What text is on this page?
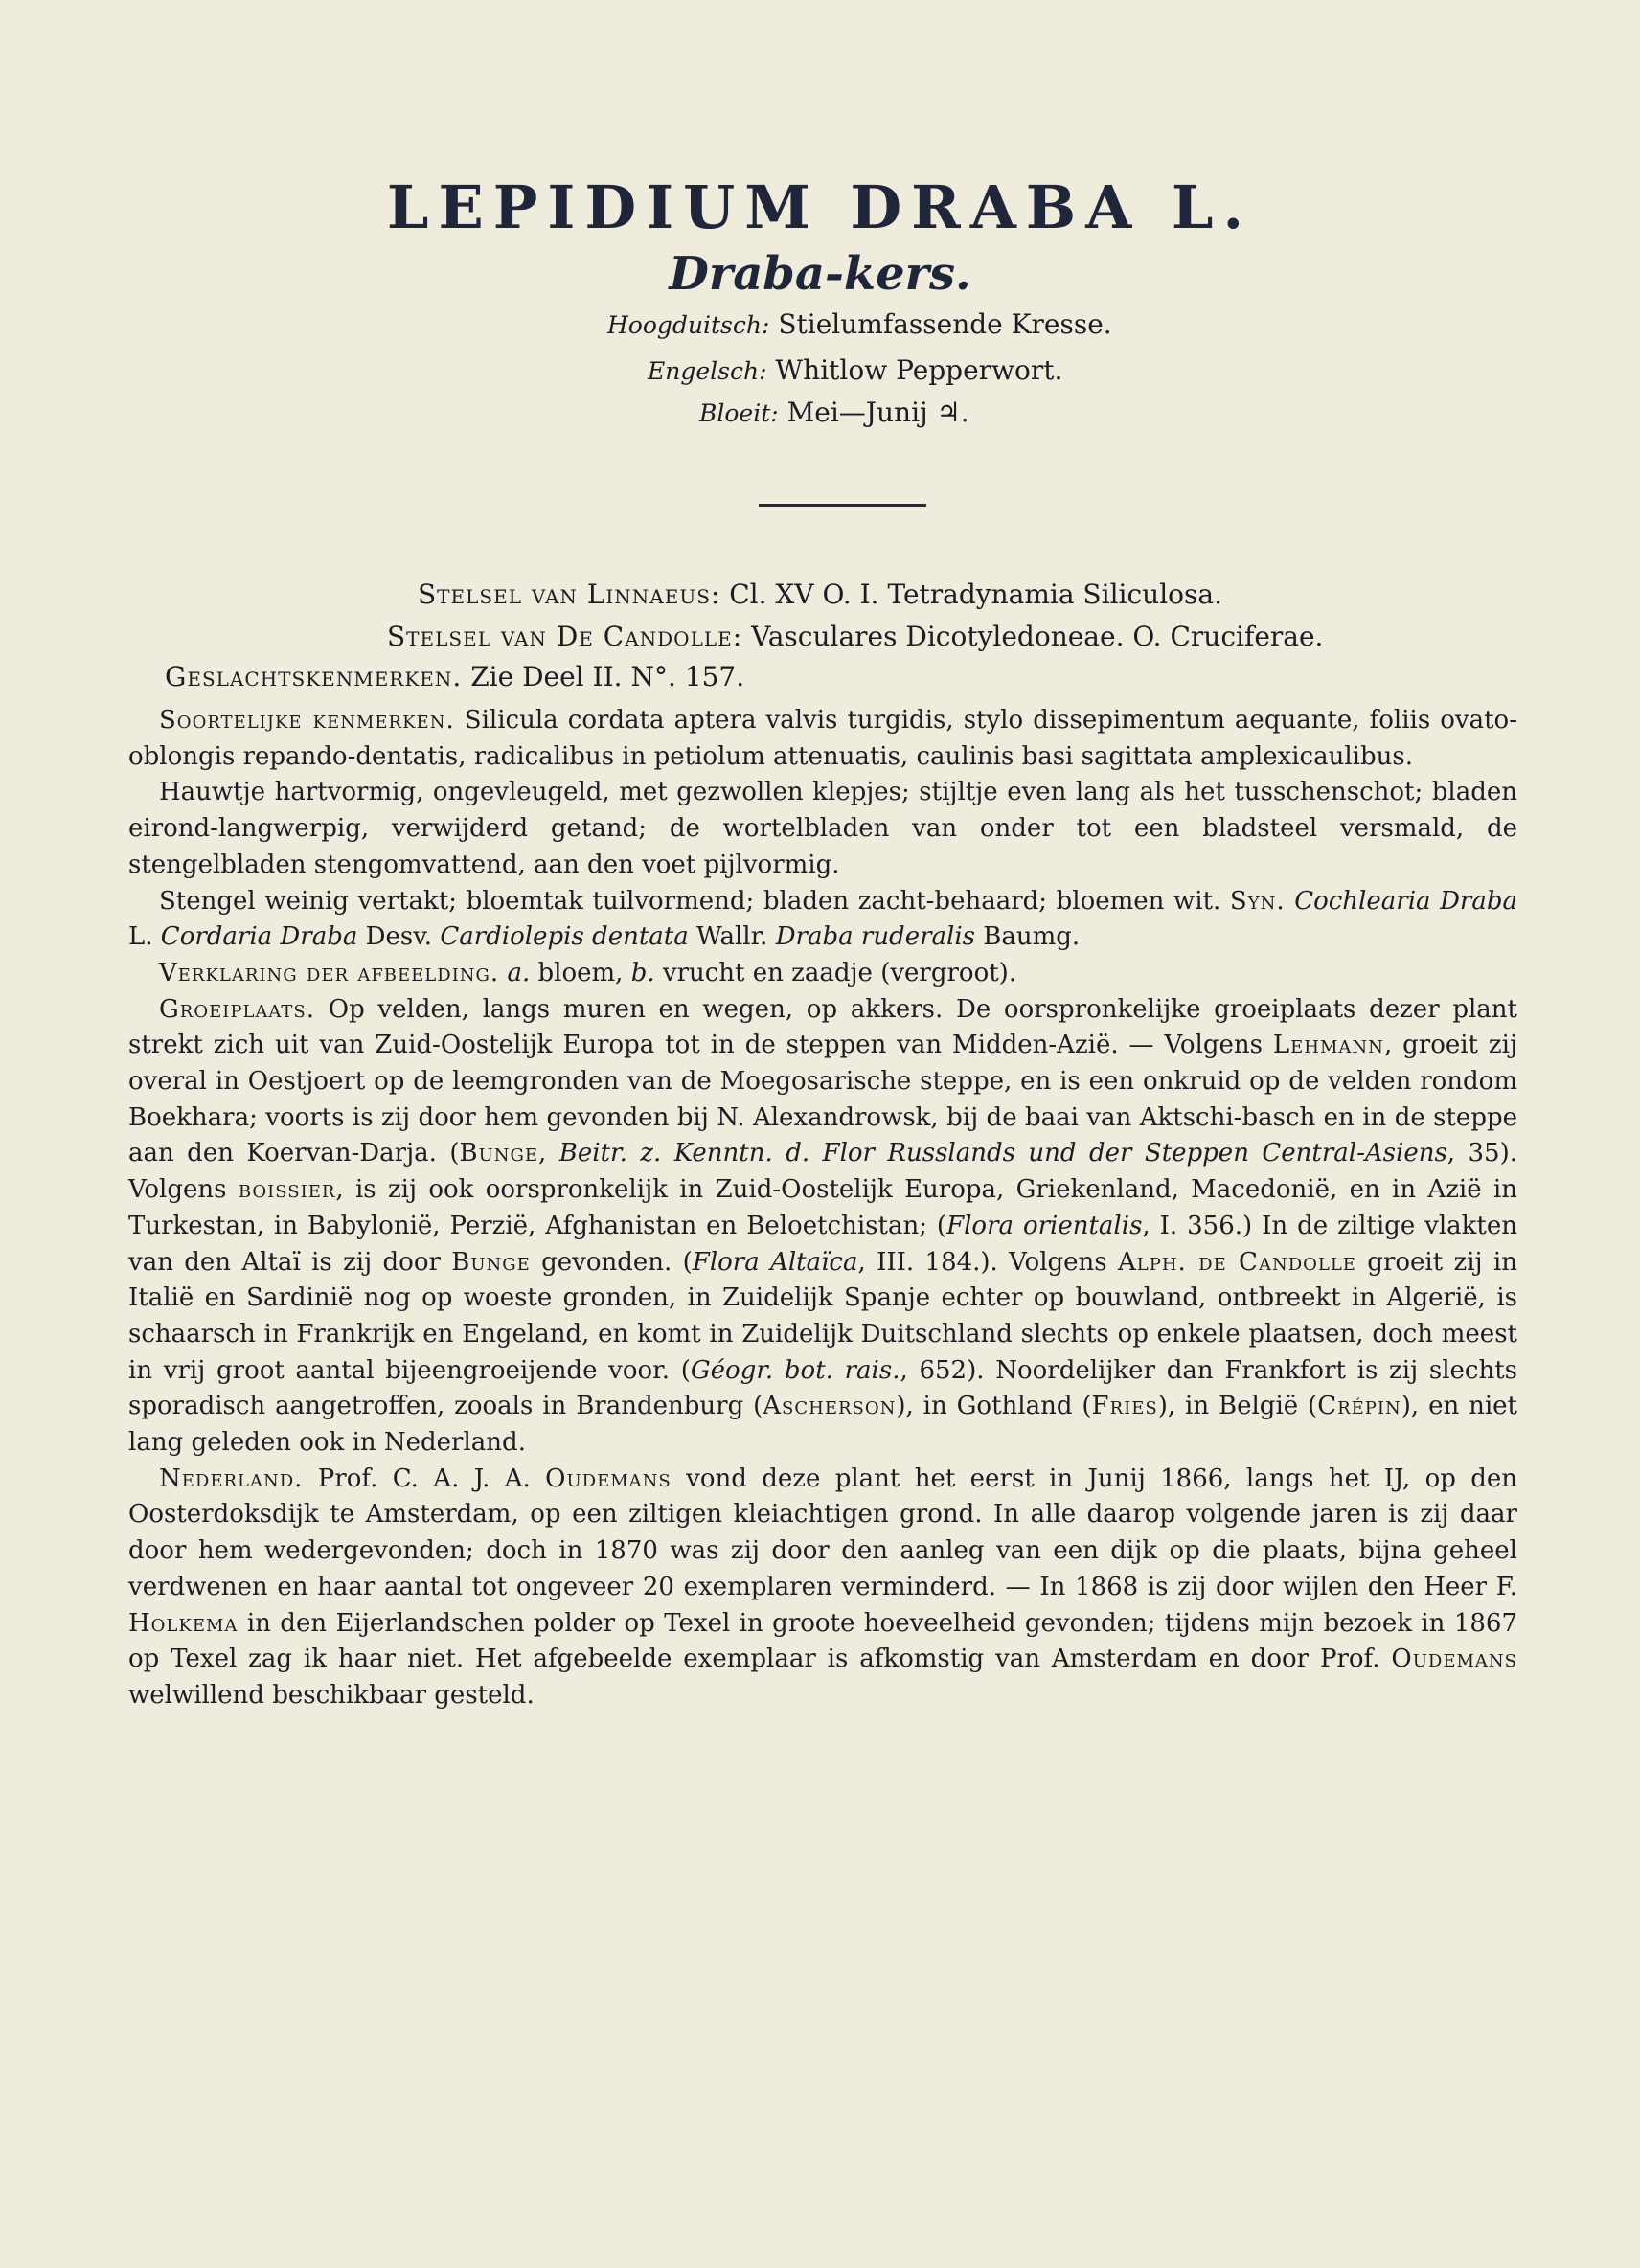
LEPIDIUM DRABA L.
Draba-kers.
Hoogduitsch: Stielumfassende Kresse.
Engelsch: Whitlow Pepperwort.
Bloeit: Mei—Junij ♃.
Stelsel van Linnaeus: Cl. XV O. I. Tetradynamia Siliculosa.
Stelsel van De Candolle: Vasculares Dicotyledoneae. O. Cruciferae.
Geslachtskenmerken. Zie Deel II. N°. 157.

Soortelijke kenmerken. Silicula cordata aptera valvis turgidis, stylo dissepimentum aequante, foliis ovato-oblongis repando-dentatis, radicalibus in petiolum attenuatis, caulinis basi sagittata amplexicaulibus.

Hauwtje hartvormig, ongevleugeld, met gezwollen klepjes; stijltje even lang als het tusschenschot; bladen eirond-langwerpig, verwijderd getand; de wortelbladen van onder tot een bladsteel versmald, de stengelbladen stengomvattend, aan den voet pijlvormig.

Stengel weinig vertakt; bloemtak tuilvormend; bladen zacht-behaard; bloemen wit. Syn. Cochlearia Draba L. Cordaria Draba Desv. Cardiolepis dentata Wallr. Draba ruderalis Baumg.

Verklaring der afbeelding. a. bloem, b. vrucht en zaadje (vergroot).

Groeiplaats. Op velden, langs muren en wegen, op akkers. De oorspronkelijke groeiplaats dezer plant strekt zich uit van Zuid-Oostelijk Europa tot in de steppen van Midden-Azië. — Volgens Lehmann, groeit zij overal in Oestjoert op de leemgronden van de Moegosarische steppe, en is een onkruid op de velden rondom Boekhara; voorts is zij door hem gevonden bij N. Alexandrowsk, bij de baai van Aktschi-basch en in de steppe aan den Koervan-Darja. (Bunge, Beitr. z. Kenntn. d. Flor Russlands und der Steppen Central-Asiens, 35). Volgens boissier, is zij ook oorspronkelijk in Zuid-Oostelijk Europa, Griekenland, Macedonië, en in Azië in Turkestan, in Babylonië, Perzië, Afghanistan en Beloetchistan; (Flora orientalis, I. 356.) In de ziltige vlakten van den Altaï is zij door Bunge gevonden. (Flora Altaïca, III. 184.). Volgens Alph. de Candolle groeit zij in Italië en Sardinië nog op woeste gronden, in Zuidelijk Spanje echter op bouwland, ontbreekt in Algerië, is schaarsch in Frankrijk en Engeland, en komt in Zuidelijk Duitschland slechts op enkele plaatsen, doch meest in vrij groot aantal bijeengroeijende voor. (Géogr. bot. rais., 652). Noordelijker dan Frankfort is zij slechts sporadisch aangetroffen, zooals in Brandenburg (Ascherson), in Gothland (Fries), in België (Crépin), en niet lang geleden ook in Nederland.

Nederland. Prof. C. A. J. A. Oudemans vond deze plant het eerst in Junij 1866, langs het IJ, op den Oosterdoksdijk te Amsterdam, op een ziltigen kleiachtigen grond. In alle daarop volgende jaren is zij daar door hem wedergevonden; doch in 1870 was zij door den aanleg van een dijk op die plaats, bijna geheel verdwenen en haar aantal tot ongeveer 20 exemplaren verminderd. — In 1868 is zij door wijlen den Heer F. Holkema in den Eijerlandschen polder op Texel in groote hoeveelheid gevonden; tijdens mijn bezoek in 1867 op Texel zag ik haar niet. Het afgebeelde exemplaar is afkomstig van Amsterdam en door Prof. Oudemans welwillend beschikbaar gesteld.
